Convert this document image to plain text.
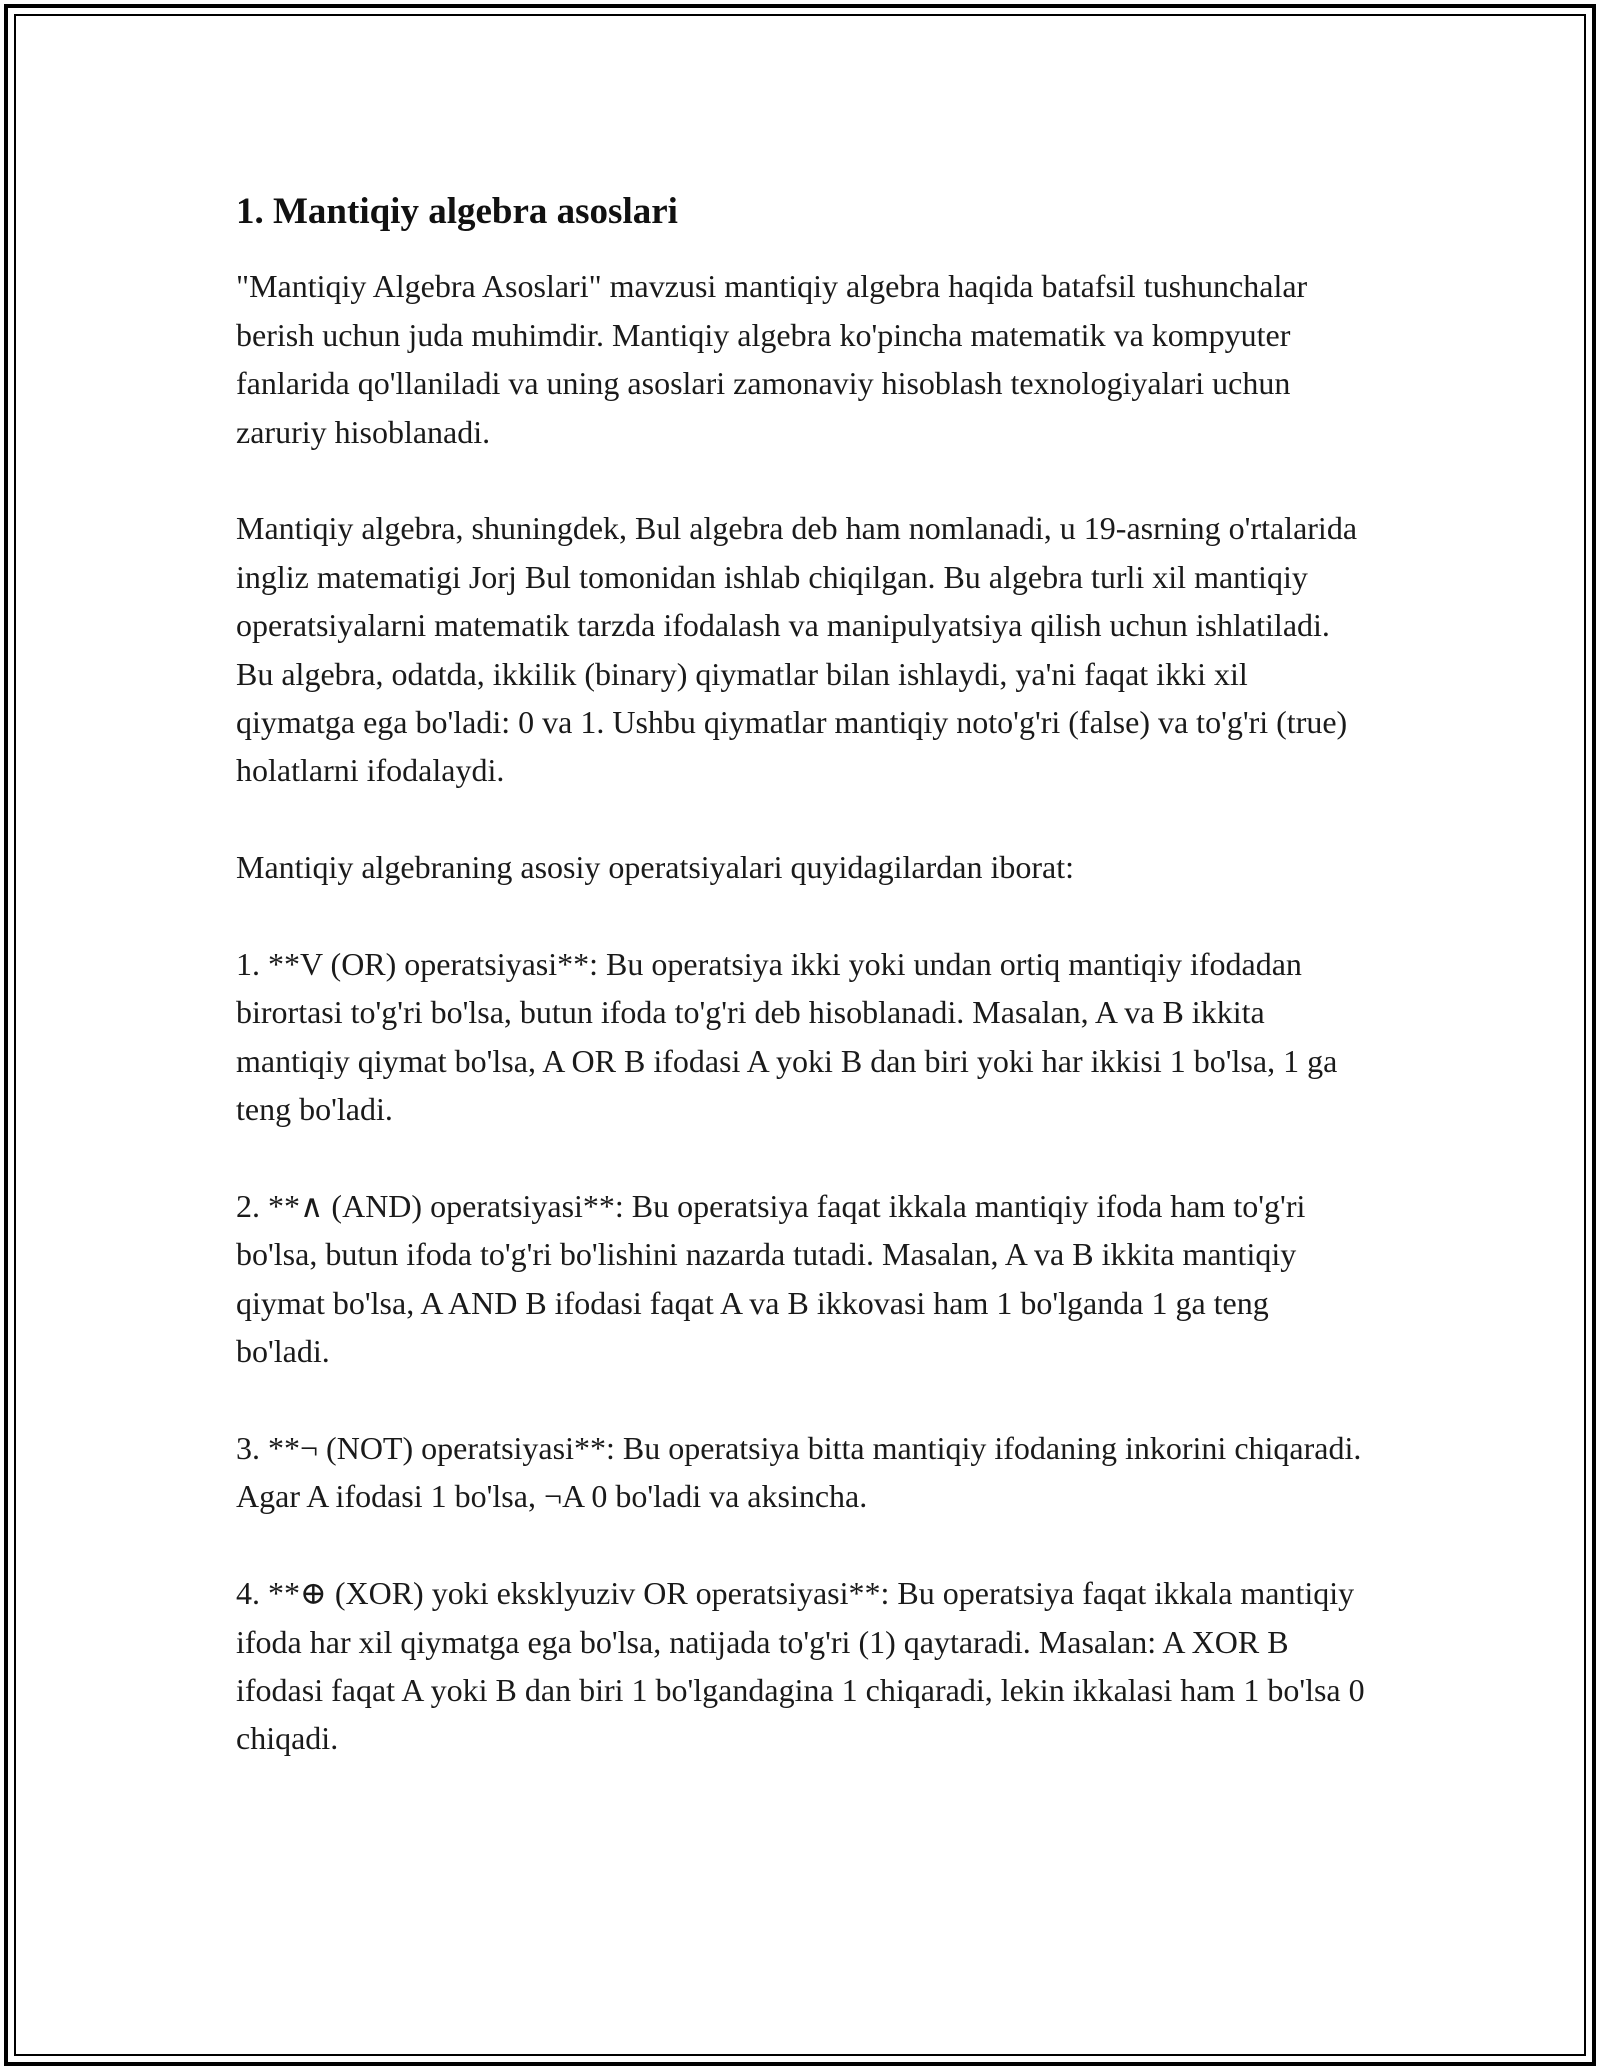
1. Mantiqiy algebra asoslari

"Mantiqiy Algebra Asoslari" mavzusi mantiqiy algebra haqida batafsil tushunchalar berish uchun juda muhimdir. Mantiqiy algebra ko'pincha matematik va kompyuter fanlarida qo'llaniladi va uning asoslari zamonaviy hisoblash texnologiyalari uchun zaruriy hisoblanadi.

Mantiqiy algebra, shuningdek, Bul algebra deb ham nomlanadi, u 19-asrning o'rtalarida ingliz matematigi Jorj Bul tomonidan ishlab chiqilgan. Bu algebra turli xil mantiqiy operatsiyalarni matematik tarzda ifodalash va manipulyatsiya qilish uchun ishlatiladi. Bu algebra, odatda, ikkilik (binary) qiymatlar bilan ishlaydi, ya'ni faqat ikki xil qiymatga ega bo'ladi: 0 va 1. Ushbu qiymatlar mantiqiy noto'g'ri (false) va to'g'ri (true) holatlarni ifodalaydi.

Mantiqiy algebraning asosiy operatsiyalari quyidagilardan iborat:

1. **V (OR) operatsiyasi**: Bu operatsiya ikki yoki undan ortiq mantiqiy ifodadan birortasi to'g'ri bo'lsa, butun ifoda to'g'ri deb hisoblanadi. Masalan, A va B ikkita mantiqiy qiymat bo'lsa, A OR B ifodasi A yoki B dan biri yoki har ikkisi 1 bo'lsa, 1 ga teng bo'ladi.

2. **∧ (AND) operatsiyasi**: Bu operatsiya faqat ikkala mantiqiy ifoda ham to'g'ri bo'lsa, butun ifoda to'g'ri bo'lishini nazarda tutadi. Masalan, A va B ikkita mantiqiy qiymat bo'lsa, A AND B ifodasi faqat A va B ikkovasi ham 1 bo'lganda 1 ga teng bo'ladi.

3. **¬ (NOT) operatsiyasi**: Bu operatsiya bitta mantiqiy ifodaning inkorini chiqaradi. Agar A ifodasi 1 bo'lsa, ¬A 0 bo'ladi va aksincha.

4. **⊕ (XOR) yoki eksklyuziv OR operatsiyasi**: Bu operatsiya faqat ikkala mantiqiy ifoda har xil qiymatga ega bo'lsa, natijada to'g'ri (1) qaytaradi. Masalan: A XOR B ifodasi faqat A yoki B dan biri 1 bo'lgandagina 1 chiqaradi, lekin ikkalasi ham 1 bo'lsa 0 chiqadi.
